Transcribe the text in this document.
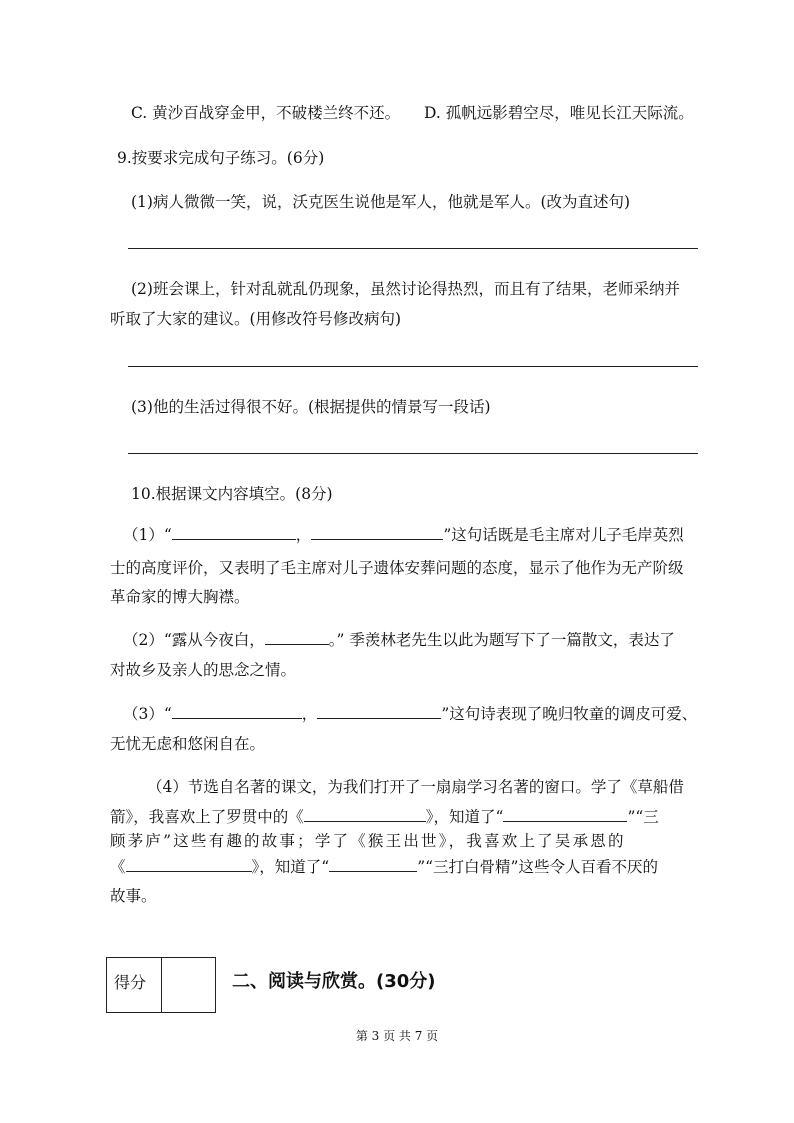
C. 黄沙百战穿金甲，不破楼兰终不还。 D. 孤帆远影碧空尽，唯见长江天际流。
9.按要求完成句子练习。(6分)
(1)病人微微一笑，说，沃克医生说他是军人，他就是军人。(改为直述句)
(2)班会课上，针对乱就乱仍现象，虽然讨论得热烈，而且有了结果，老师采纳并
听取了大家的建议。(用修改符号修改病句)
(3)他的生活过得很不好。(根据提供的情景写一段话)
10.根据课文内容填空。(8分)
（1）“	，	”这句话既是毛主席对儿子毛岸英烈
士的高度评价，又表明了毛主席对儿子遗体安葬问题的态度，显示了他作为无产阶级
革命家的博大胸襟。
（2）“露从今夜白，	。” 季羡林老先生以此为题写下了一篇散文，表达了
对故乡及亲人的思念之情。
（3）“	，	”这句诗表现了晚归牧童的调皮可爱、
无忧无虑和悠闲自在。
（4）节选自名著的课文，为我们打开了一扇扇学习名著的窗口。学了《草船借
箭》，我喜欢上了罗贯中的《	》，知道了“	”“三
顾茅庐”这些有趣的故事；学了《猴王出世》，我喜欢上了吴承恩的
《	》，知道了“	”“三打白骨精”这些令人百看不厌的
故事。
得分	二、阅读与欣赏。(30分)
第 3 页 共 7 页
